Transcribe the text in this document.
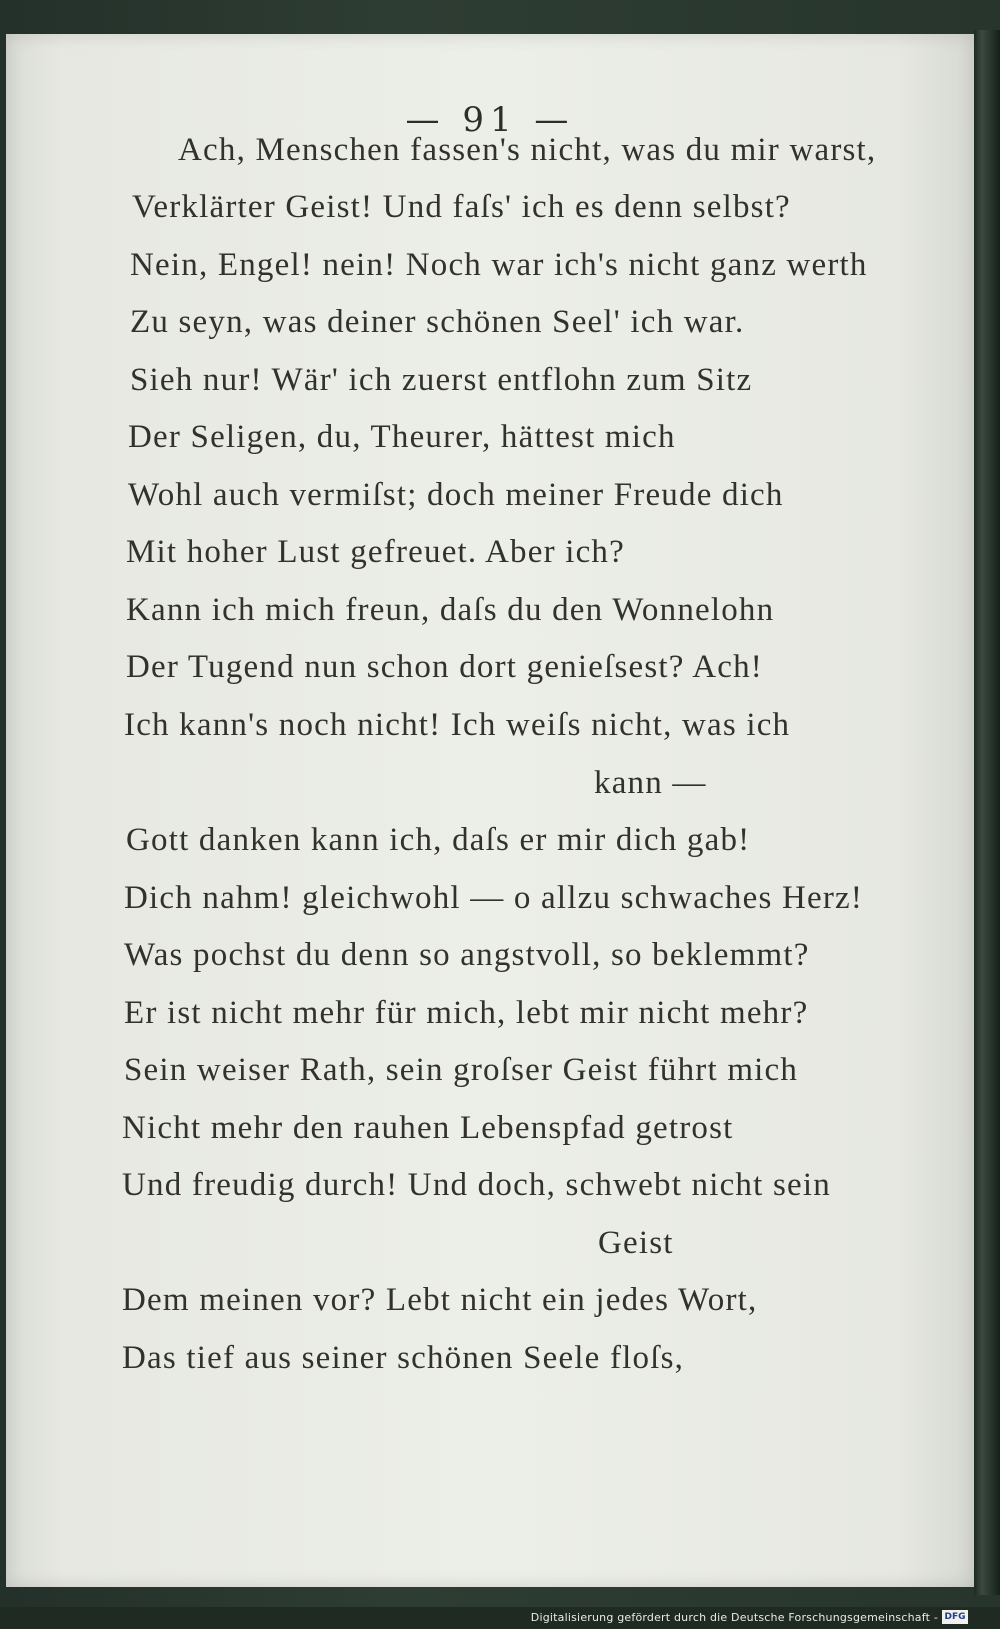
— 91 —
Ach, Menschen fassen's nicht, was du mir warst,
Verklärter Geist! Und faſs' ich es denn selbst?
Nein, Engel! nein! Noch war ich's nicht ganz werth
Zu seyn, was deiner schönen Seel' ich war.
Sieh nur! Wär' ich zuerst entflohn zum Sitz
Der Seligen, du, Theurer, hättest mich
Wohl auch vermiſst; doch meiner Freude dich
Mit hoher Lust gefreuet. Aber ich?
Kann ich mich freun, daſs du den Wonnelohn
Der Tugend nun schon dort genieſsest? Ach!
Ich kann's noch nicht! Ich weiſs nicht, was ich
kann —
Gott danken kann ich, daſs er mir dich gab!
Dich nahm! gleichwohl — o allzu schwaches Herz!
Was pochst du denn so angstvoll, so beklemmt?
Er ist nicht mehr für mich, lebt mir nicht mehr?
Sein weiser Rath, sein groſser Geist führt mich
Nicht mehr den rauhen Lebenspfad getrost
Und freudig durch! Und doch, schwebt nicht sein
Geist
Dem meinen vor? Lebt nicht ein jedes Wort,
Das tief aus seiner schönen Seele floſs,
Digitalisierung gefördert durch die Deutsche Forschungsgemeinschaft - DFG
